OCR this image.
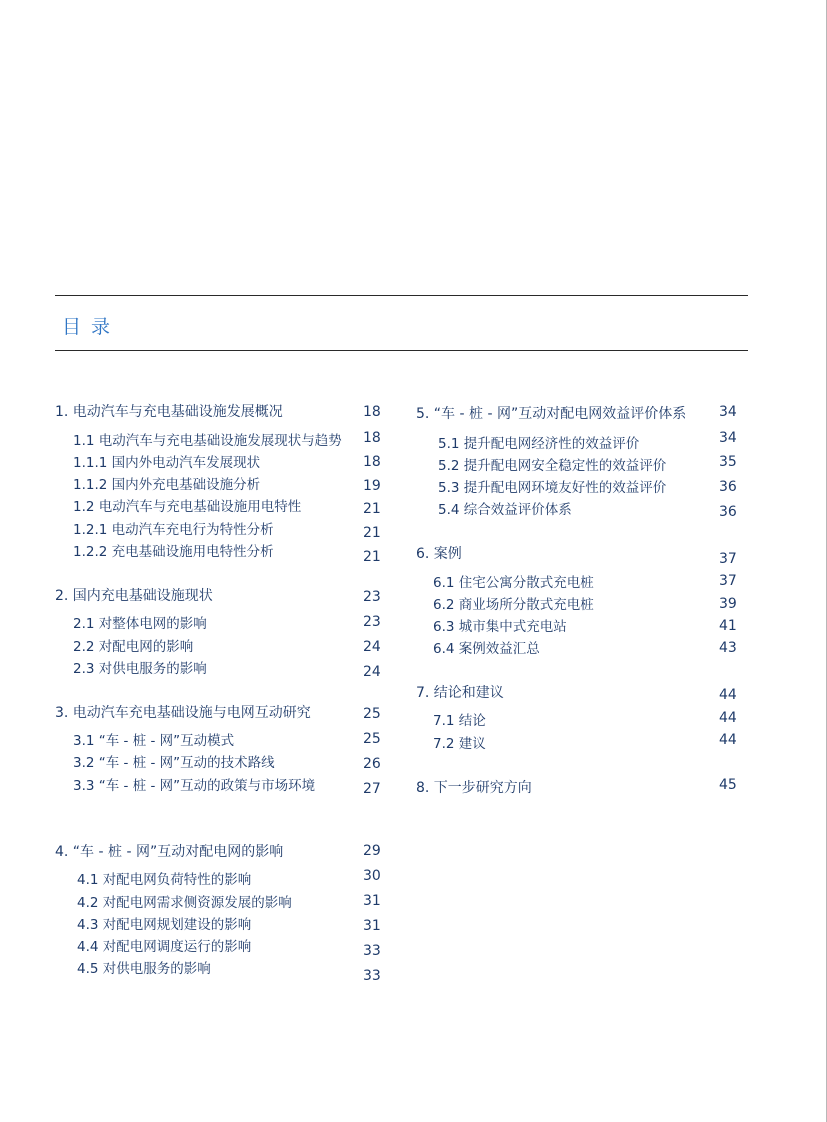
目 录
1. 电动汽车与充电基础设施发展概况	18
1.1 电动汽车与充电基础设施发展现状与趋势 18
1.1.1 国内外电动汽车发展现状	18
1.1.2 国内外充电基础设施分析	19
1.2 电动汽车与充电基础设施用电特性	21
1.2.1 电动汽车充电行为特性分析	21
1.2.2 充电基础设施用电特性分析	21
2. 国内充电基础设施现状	23
2.1 对整体电网的影响	23
2.2 对配电网的影响	24
2.3 对供电服务的影响	24
3. 电动汽车充电基础设施与电网互动研究	25
3.1 “车 - 桩 - 网”互动模式	25
3.2 “车 - 桩 - 网”互动的技术路线	26
3.3 “车 - 桩 - 网”互动的政策与市场环境	27
4. “车 - 桩 - 网”互动对配电网的影响	29
4.1 对配电网负荷特性的影响	30
4.2 对配电网需求侧资源发展的影响	31
4.3 对配电网规划建设的影响	31
4.4 对配电网调度运行的影响	33
4.5 对供电服务的影响	33
5. “车 - 桩 - 网”互动对配电网效益评价体系 34
5.1 提升配电网经济性的效益评价	34
5.2 提升配电网安全稳定性的效益评价	35
5.3 提升配电网环境友好性的效益评价	36
5.4 综合效益评价体系	36
6. 案例	37
6.1 住宅公寓分散式充电桩	37
6.2 商业场所分散式充电桩	39
6.3 城市集中式充电站	41
6.4 案例效益汇总	43
7. 结论和建议	44
7.1 结论	44
7.2 建议	44
8. 下一步研究方向	45
